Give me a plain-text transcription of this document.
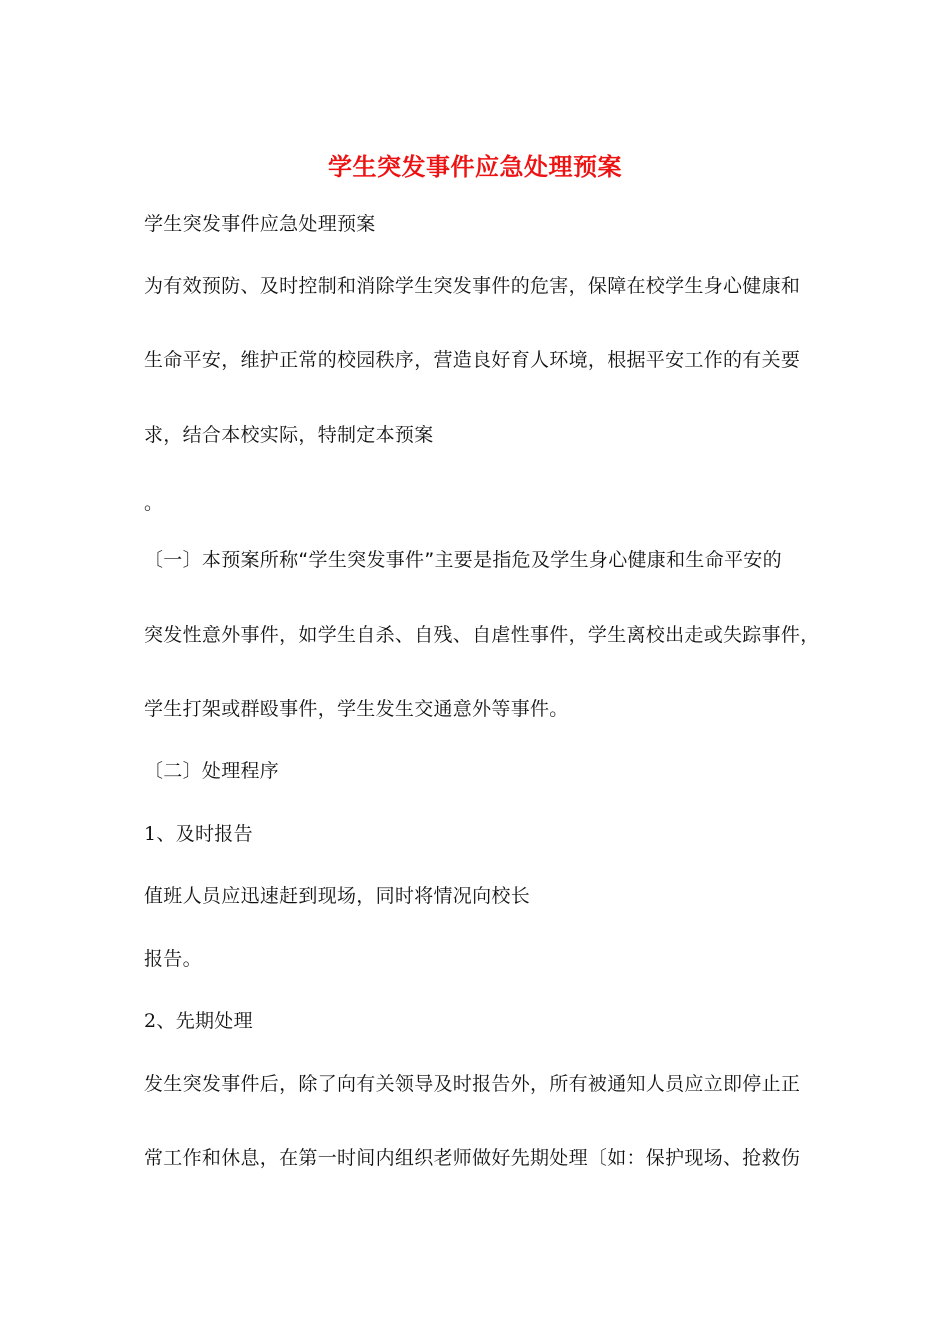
学生突发事件应急处理预案
学生突发事件应急处理预案
为有效预防、及时控制和消除学生突发事件的危害，保障在校学生身心健康和
生命平安，维护正常的校园秩序，营造良好育人环境，根据平安工作的有关要
求，结合本校实际，特制定本预案
。
〔一〕本预案所称“学生突发事件”主要是指危及学生身心健康和生命平安的
突发性意外事件，如学生自杀、自残、自虐性事件，学生离校出走或失踪事件，
学生打架或群殴事件，学生发生交通意外等事件。
〔二〕处理程序
1、及时报告
值班人员应迅速赶到现场，同时将情况向校长
报告。
2、先期处理
发生突发事件后，除了向有关领导及时报告外，所有被通知人员应立即停止正
常工作和休息，在第一时间内组织老师做好先期处理〔如：保护现场、抢救伤
